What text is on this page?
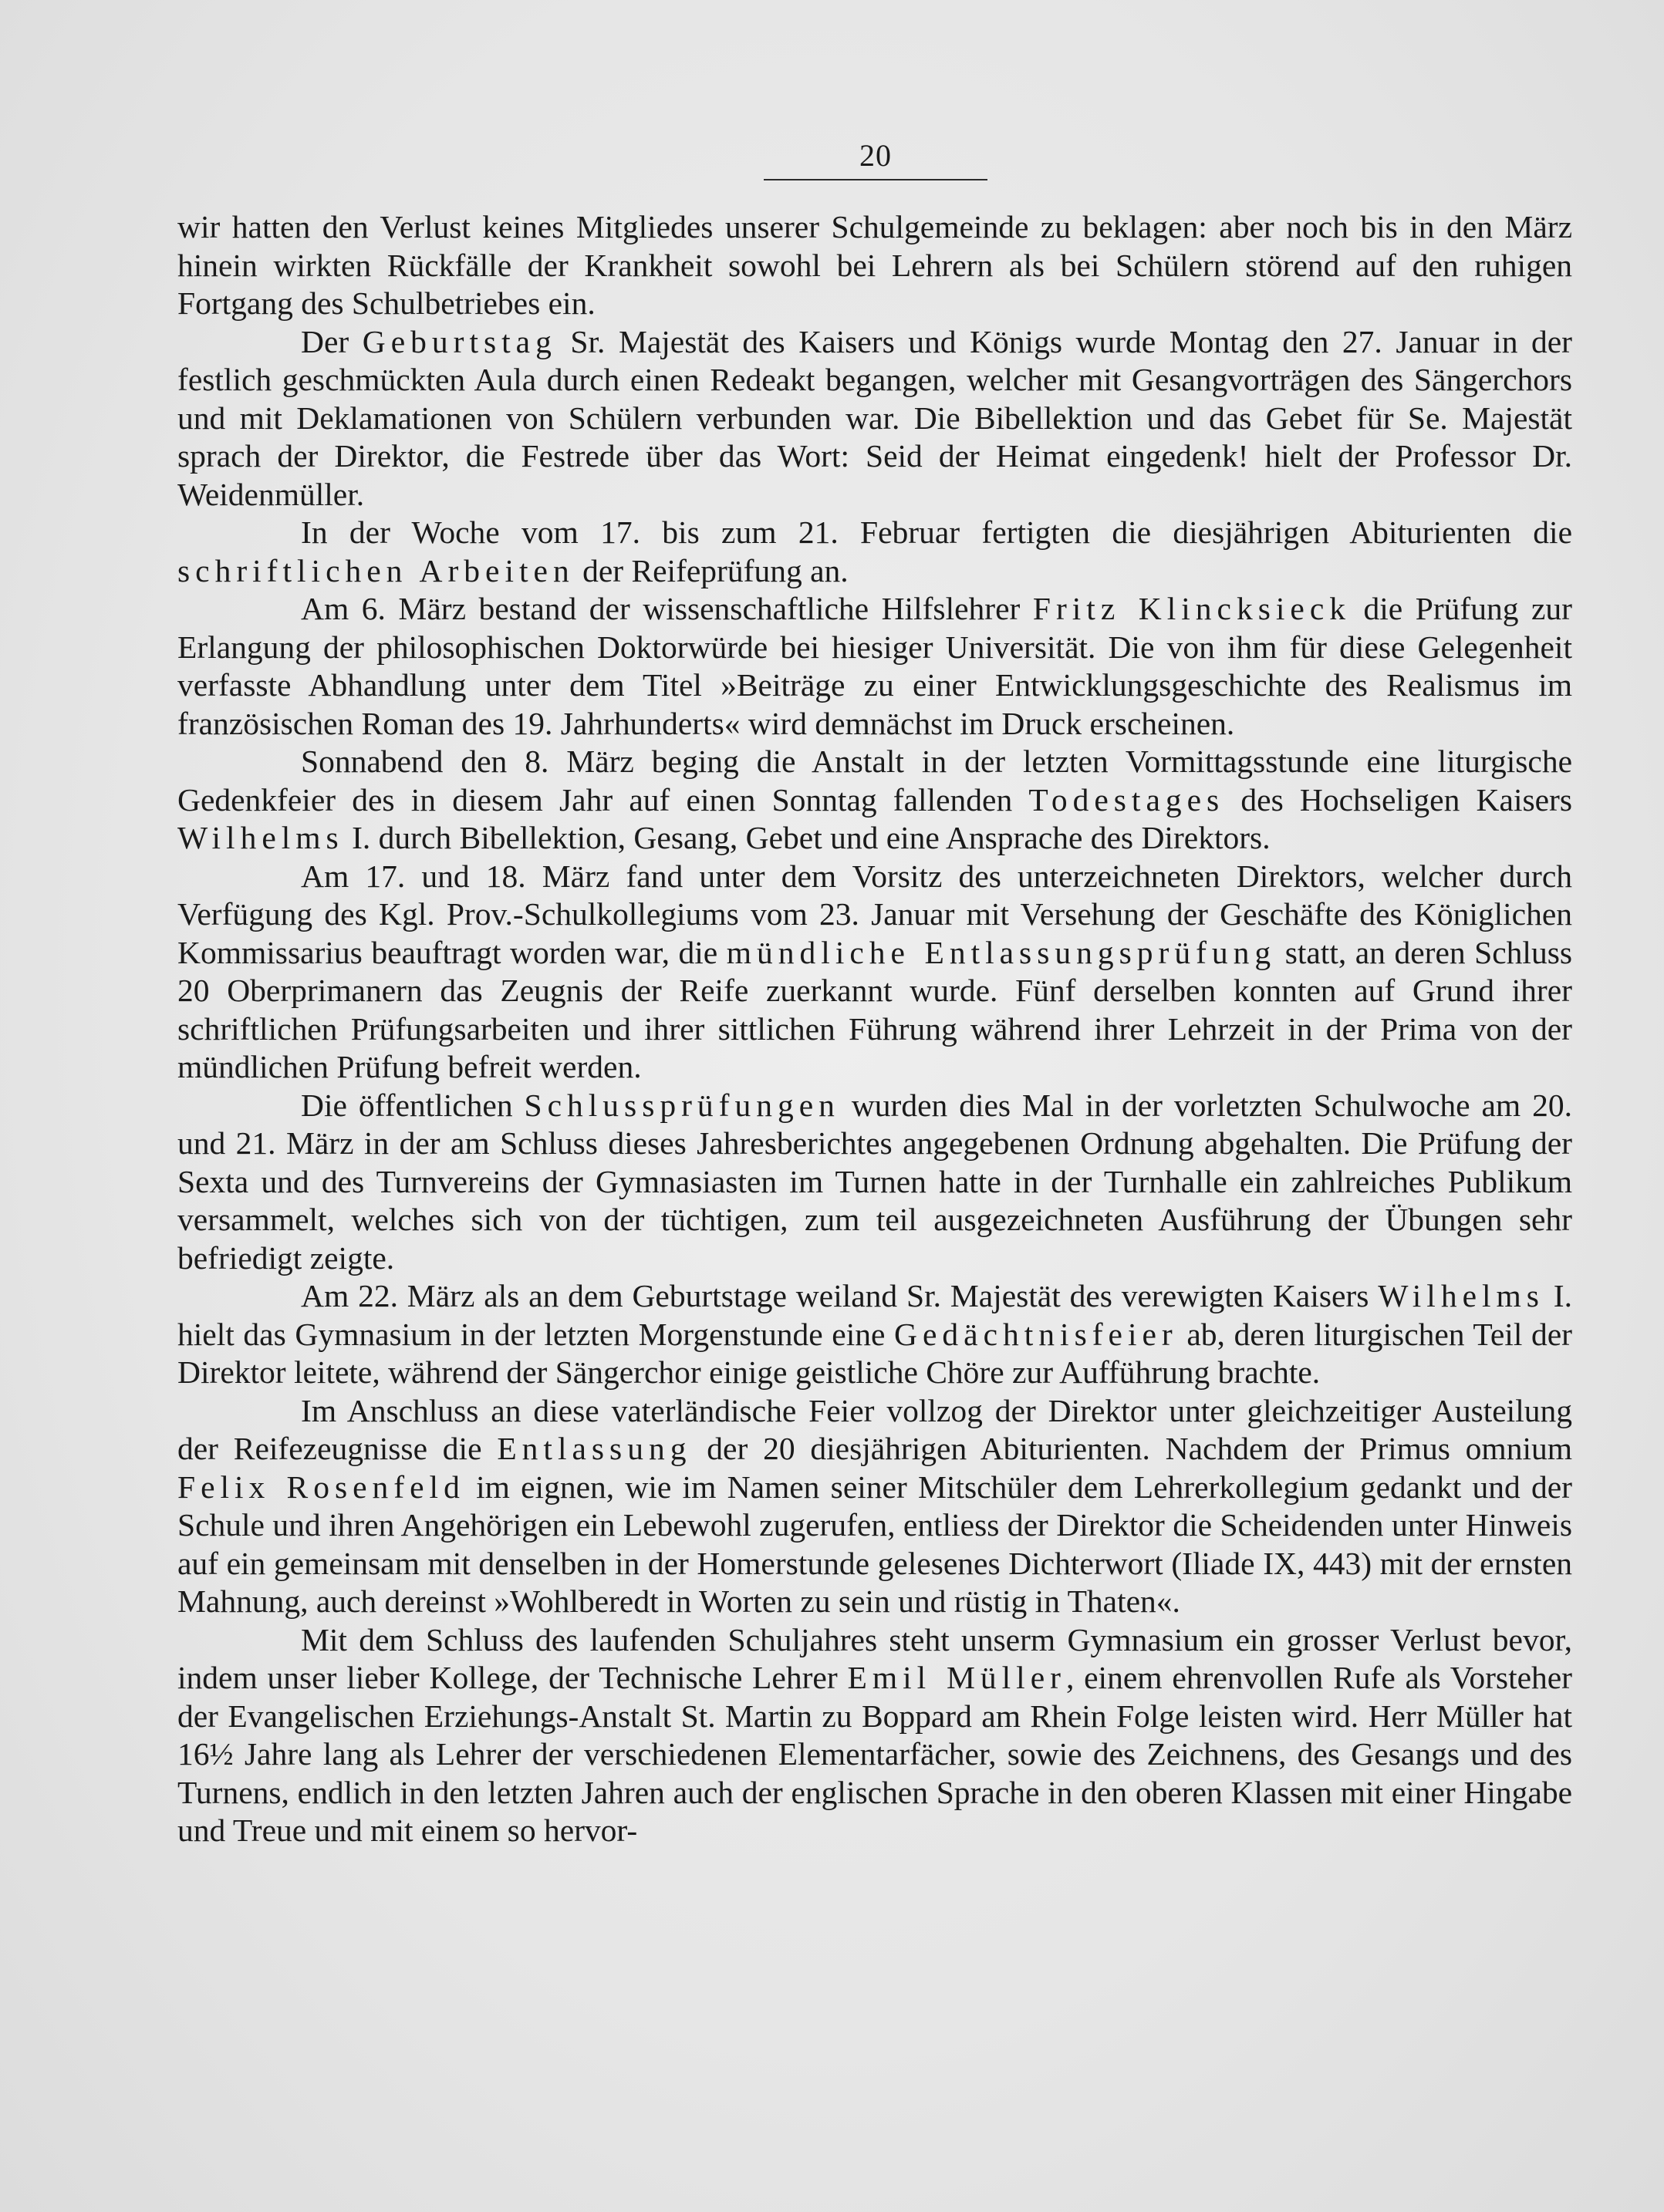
20

wir hatten den Verlust keines Mitgliedes unserer Schulgemeinde zu beklagen: aber noch bis in den März hinein wirkten Rückfälle der Krankheit sowohl bei Lehrern als bei Schülern störend auf den ruhigen Fortgang des Schulbetriebes ein.

Der Geburtstag Sr. Majestät des Kaisers und Königs wurde Montag den 27. Januar in der festlich geschmückten Aula durch einen Redeakt begangen, welcher mit Gesangvorträgen des Sängerchors und mit Deklamationen von Schülern verbunden war. Die Bibellektion und das Gebet für Se. Majestät sprach der Direktor, die Festrede über das Wort: Seid der Heimat eingedenk! hielt der Professor Dr. Weidenmüller.

In der Woche vom 17. bis zum 21. Februar fertigten die diesjährigen Abiturienten die schriftlichen Arbeiten der Reifeprüfung an.

Am 6. März bestand der wissenschaftliche Hilfslehrer Fritz Klincksieck die Prüfung zur Erlangung der philosophischen Doktorwürde bei hiesiger Universität. Die von ihm für diese Gelegenheit verfasste Abhandlung unter dem Titel »Beiträge zu einer Entwicklungsgeschichte des Realismus im französischen Roman des 19. Jahrhunderts« wird demnächst im Druck erscheinen.

Sonnabend den 8. März beging die Anstalt in der letzten Vormittagsstunde eine liturgische Gedenkfeier des in diesem Jahr auf einen Sonntag fallenden Todestages des Hochseligen Kaisers Wilhelms I. durch Bibellektion, Gesang, Gebet und eine Ansprache des Direktors.

Am 17. und 18. März fand unter dem Vorsitz des unterzeichneten Direktors, welcher durch Verfügung des Kgl. Prov.-Schulkollegiums vom 23. Januar mit Versehung der Geschäfte des Königlichen Kommissarius beauftragt worden war, die mündliche Entlassungsprüfung statt, an deren Schluss 20 Oberprimanern das Zeugnis der Reife zuerkannt wurde. Fünf derselben konnten auf Grund ihrer schriftlichen Prüfungsarbeiten und ihrer sittlichen Führung während ihrer Lehrzeit in der Prima von der mündlichen Prüfung befreit werden.

Die öffentlichen Schlussprüfungen wurden dies Mal in der vorletzten Schulwoche am 20. und 21. März in der am Schluss dieses Jahresberichtes angegebenen Ordnung abgehalten. Die Prüfung der Sexta und des Turnvereins der Gymnasiasten im Turnen hatte in der Turnhalle ein zahlreiches Publikum versammelt, welches sich von der tüchtigen, zum teil ausgezeichneten Ausführung der Übungen sehr befriedigt zeigte.

Am 22. März als an dem Geburtstage weiland Sr. Majestät des verewigten Kaisers Wilhelms I. hielt das Gymnasium in der letzten Morgenstunde eine Gedächtnisfeier ab, deren liturgischen Teil der Direktor leitete, während der Sängerchor einige geistliche Chöre zur Aufführung brachte.

Im Anschluss an diese vaterländische Feier vollzog der Direktor unter gleichzeitiger Austeilung der Reifezeugnisse die Entlassung der 20 diesjährigen Abiturienten. Nachdem der Primus omnium Felix Rosenfeld im eignen, wie im Namen seiner Mitschüler dem Lehrerkollegium gedankt und der Schule und ihren Angehörigen ein Lebewohl zugerufen, entliess der Direktor die Scheidenden unter Hinweis auf ein gemeinsam mit denselben in der Homerstunde gelesenes Dichterwort (Iliade IX, 443) mit der ernsten Mahnung, auch dereinst »Wohlberedt in Worten zu sein und rüstig in Thaten«.

Mit dem Schluss des laufenden Schuljahres steht unserm Gymnasium ein grosser Verlust bevor, indem unser lieber Kollege, der Technische Lehrer Emil Müller, einem ehrenvollen Rufe als Vorsteher der Evangelischen Erziehungs-Anstalt St. Martin zu Boppard am Rhein Folge leisten wird. Herr Müller hat 16½ Jahre lang als Lehrer der verschiedenen Elementarfächer, sowie des Zeichnens, des Gesangs und des Turnens, endlich in den letzten Jahren auch der englischen Sprache in den oberen Klassen mit einer Hingabe und Treue und mit einem so hervor-
